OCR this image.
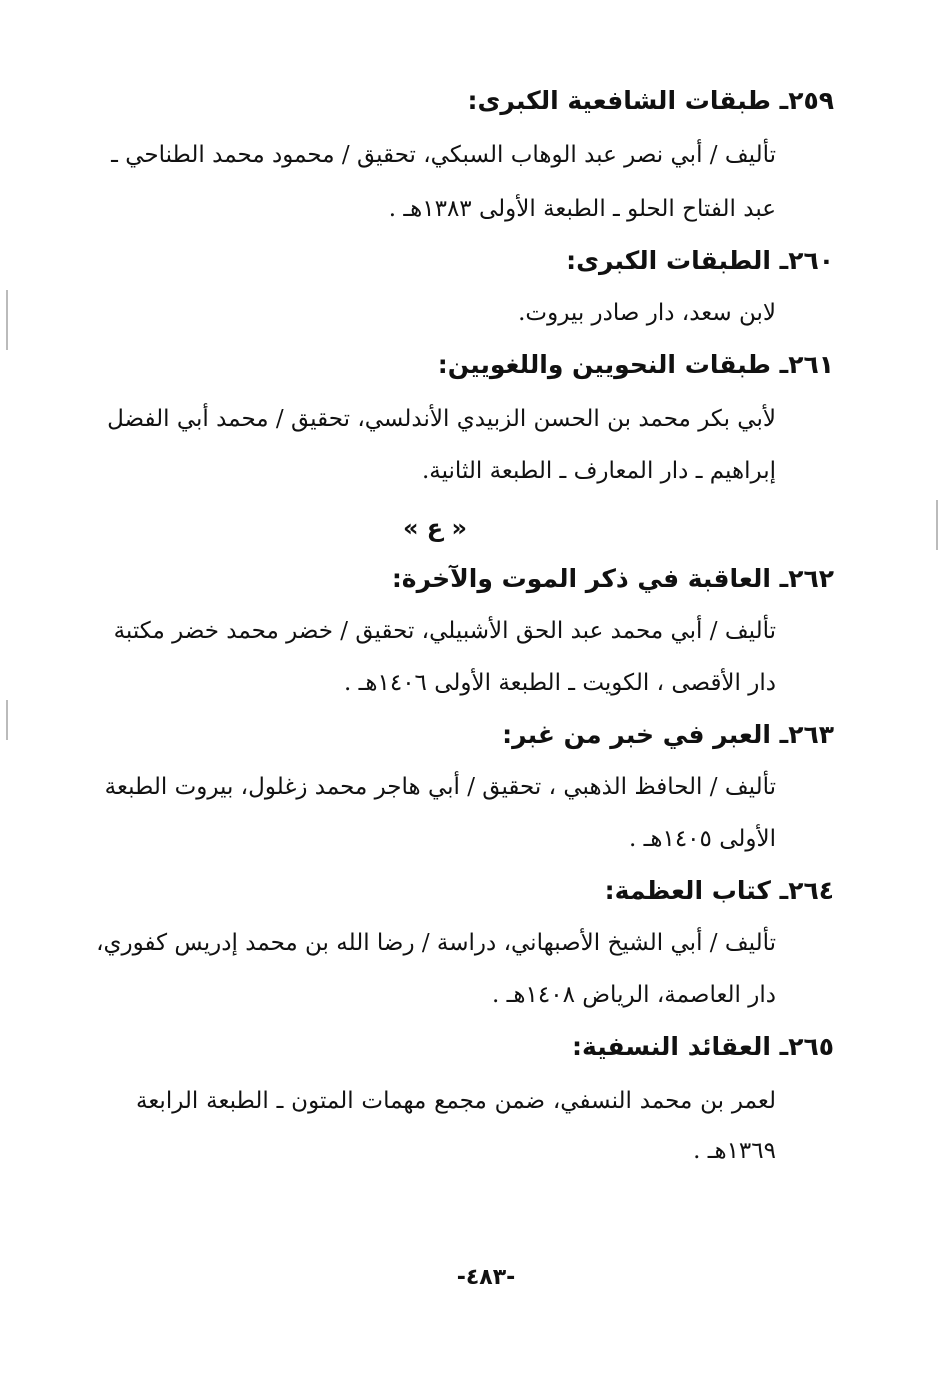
٢٥٩ـ طبقات الشافعية الكبرى:
تأليف / أبي نصر عبد الوهاب السبكي، تحقيق / محمود محمد الطناحي ـ
عبد الفتاح الحلو ـ الطبعة الأولى ١٣٨٣هـ .
٢٦٠ـ الطبقات الكبرى:
لابن سعد، دار صادر بيروت.
٢٦١ـ طبقات النحويين واللغويين:
لأبي بكر محمد بن الحسن الزبيدي الأندلسي، تحقيق / محمد أبي الفضل
إبراهيم ـ دار المعارف ـ الطبعة الثانية.
« ع »
٢٦٢ـ العاقبة في ذكر الموت والآخرة:
تأليف / أبي محمد عبد الحق الأشبيلي، تحقيق / خضر محمد خضر مكتبة
دار الأقصى ، الكويت ـ الطبعة الأولى ١٤٠٦هـ .
٢٦٣ـ العبر في خبر من غبر:
تأليف / الحافظ الذهبي ، تحقيق / أبي هاجر محمد زغلول، بيروت الطبعة
الأولى ١٤٠٥هـ .
٢٦٤ـ كتاب العظمة:
تأليف / أبي الشيخ الأصبهاني، دراسة / رضا الله بن محمد إدريس كفوري،
دار العاصمة، الرياض ١٤٠٨هـ .
٢٦٥ـ العقائد النسفية:
لعمر بن محمد النسفي، ضمن مجمع مهمات المتون ـ الطبعة الرابعة
١٣٦٩هـ .
-٤٨٣-
